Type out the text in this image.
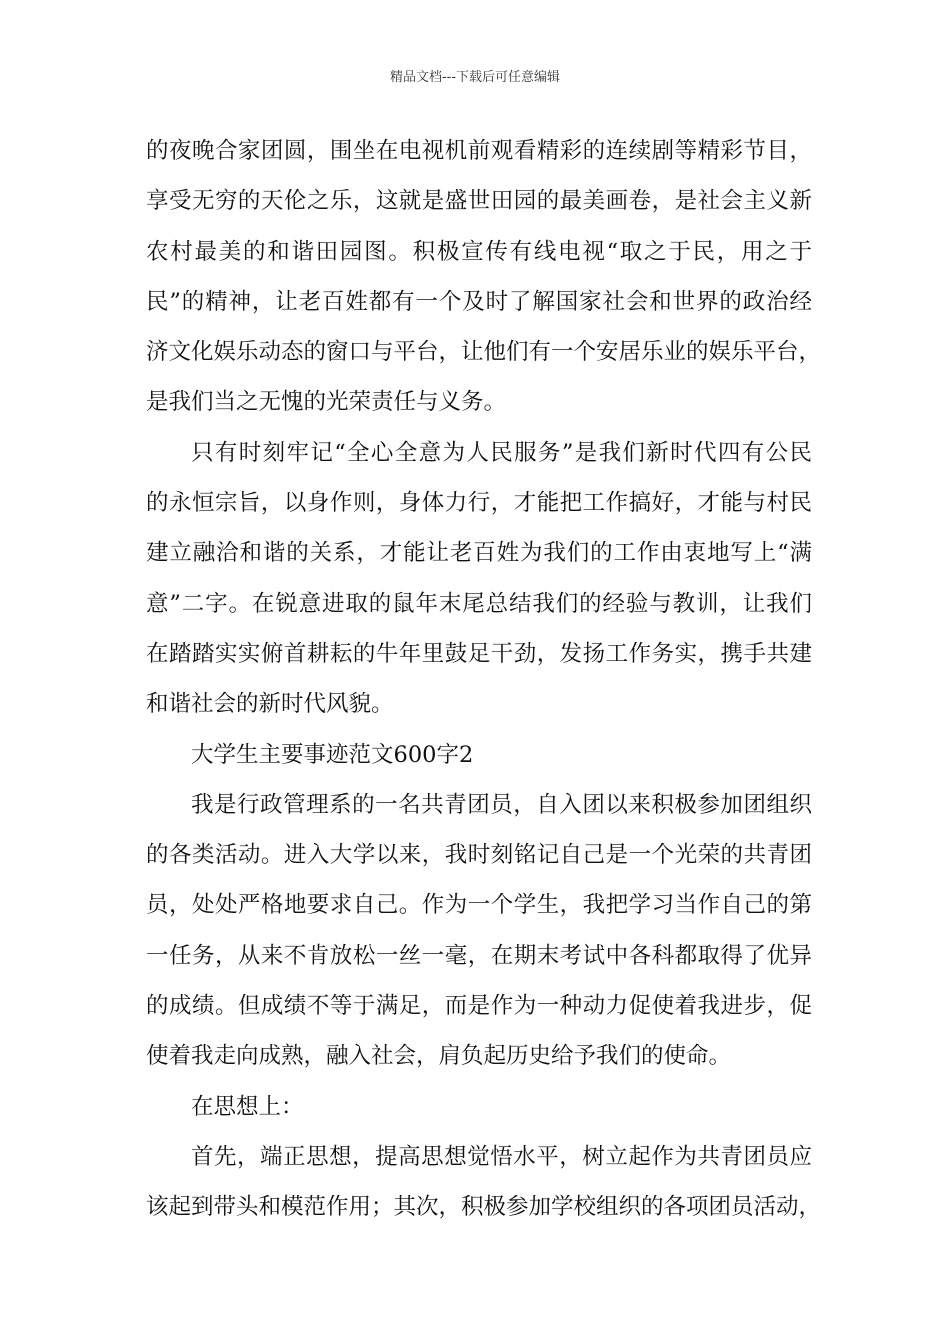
精品文档---下载后可任意编辑
的夜晚合家团圆，围坐在电视机前观看精彩的连续剧等精彩节目，
享受无穷的天伦之乐，这就是盛世田园的最美画卷，是社会主义新
农村最美的和谐田园图。积极宣传有线电视“取之于民，用之于
民”的精神，让老百姓都有一个及时了解国家社会和世界的政治经
济文化娱乐动态的窗口与平台，让他们有一个安居乐业的娱乐平台，
是我们当之无愧的光荣责任与义务。
只有时刻牢记“全心全意为人民服务”是我们新时代四有公民
的永恒宗旨，以身作则，身体力行，才能把工作搞好，才能与村民
建立融洽和谐的关系，才能让老百姓为我们的工作由衷地写上“满
意”二字。在锐意进取的鼠年末尾总结我们的经验与教训，让我们
在踏踏实实俯首耕耘的牛年里鼓足干劲，发扬工作务实，携手共建
和谐社会的新时代风貌。
大学生主要事迹范文600字2
我是行政管理系的一名共青团员，自入团以来积极参加团组织
的各类活动。进入大学以来，我时刻铭记自己是一个光荣的共青团
员，处处严格地要求自己。作为一个学生，我把学习当作自己的第
一任务，从来不肯放松一丝一毫，在期末考试中各科都取得了优异
的成绩。但成绩不等于满足，而是作为一种动力促使着我进步，促
使着我走向成熟，融入社会，肩负起历史给予我们的使命。
在思想上：
首先，端正思想，提高思想觉悟水平，树立起作为共青团员应
该起到带头和模范作用；其次，积极参加学校组织的各项团员活动，
